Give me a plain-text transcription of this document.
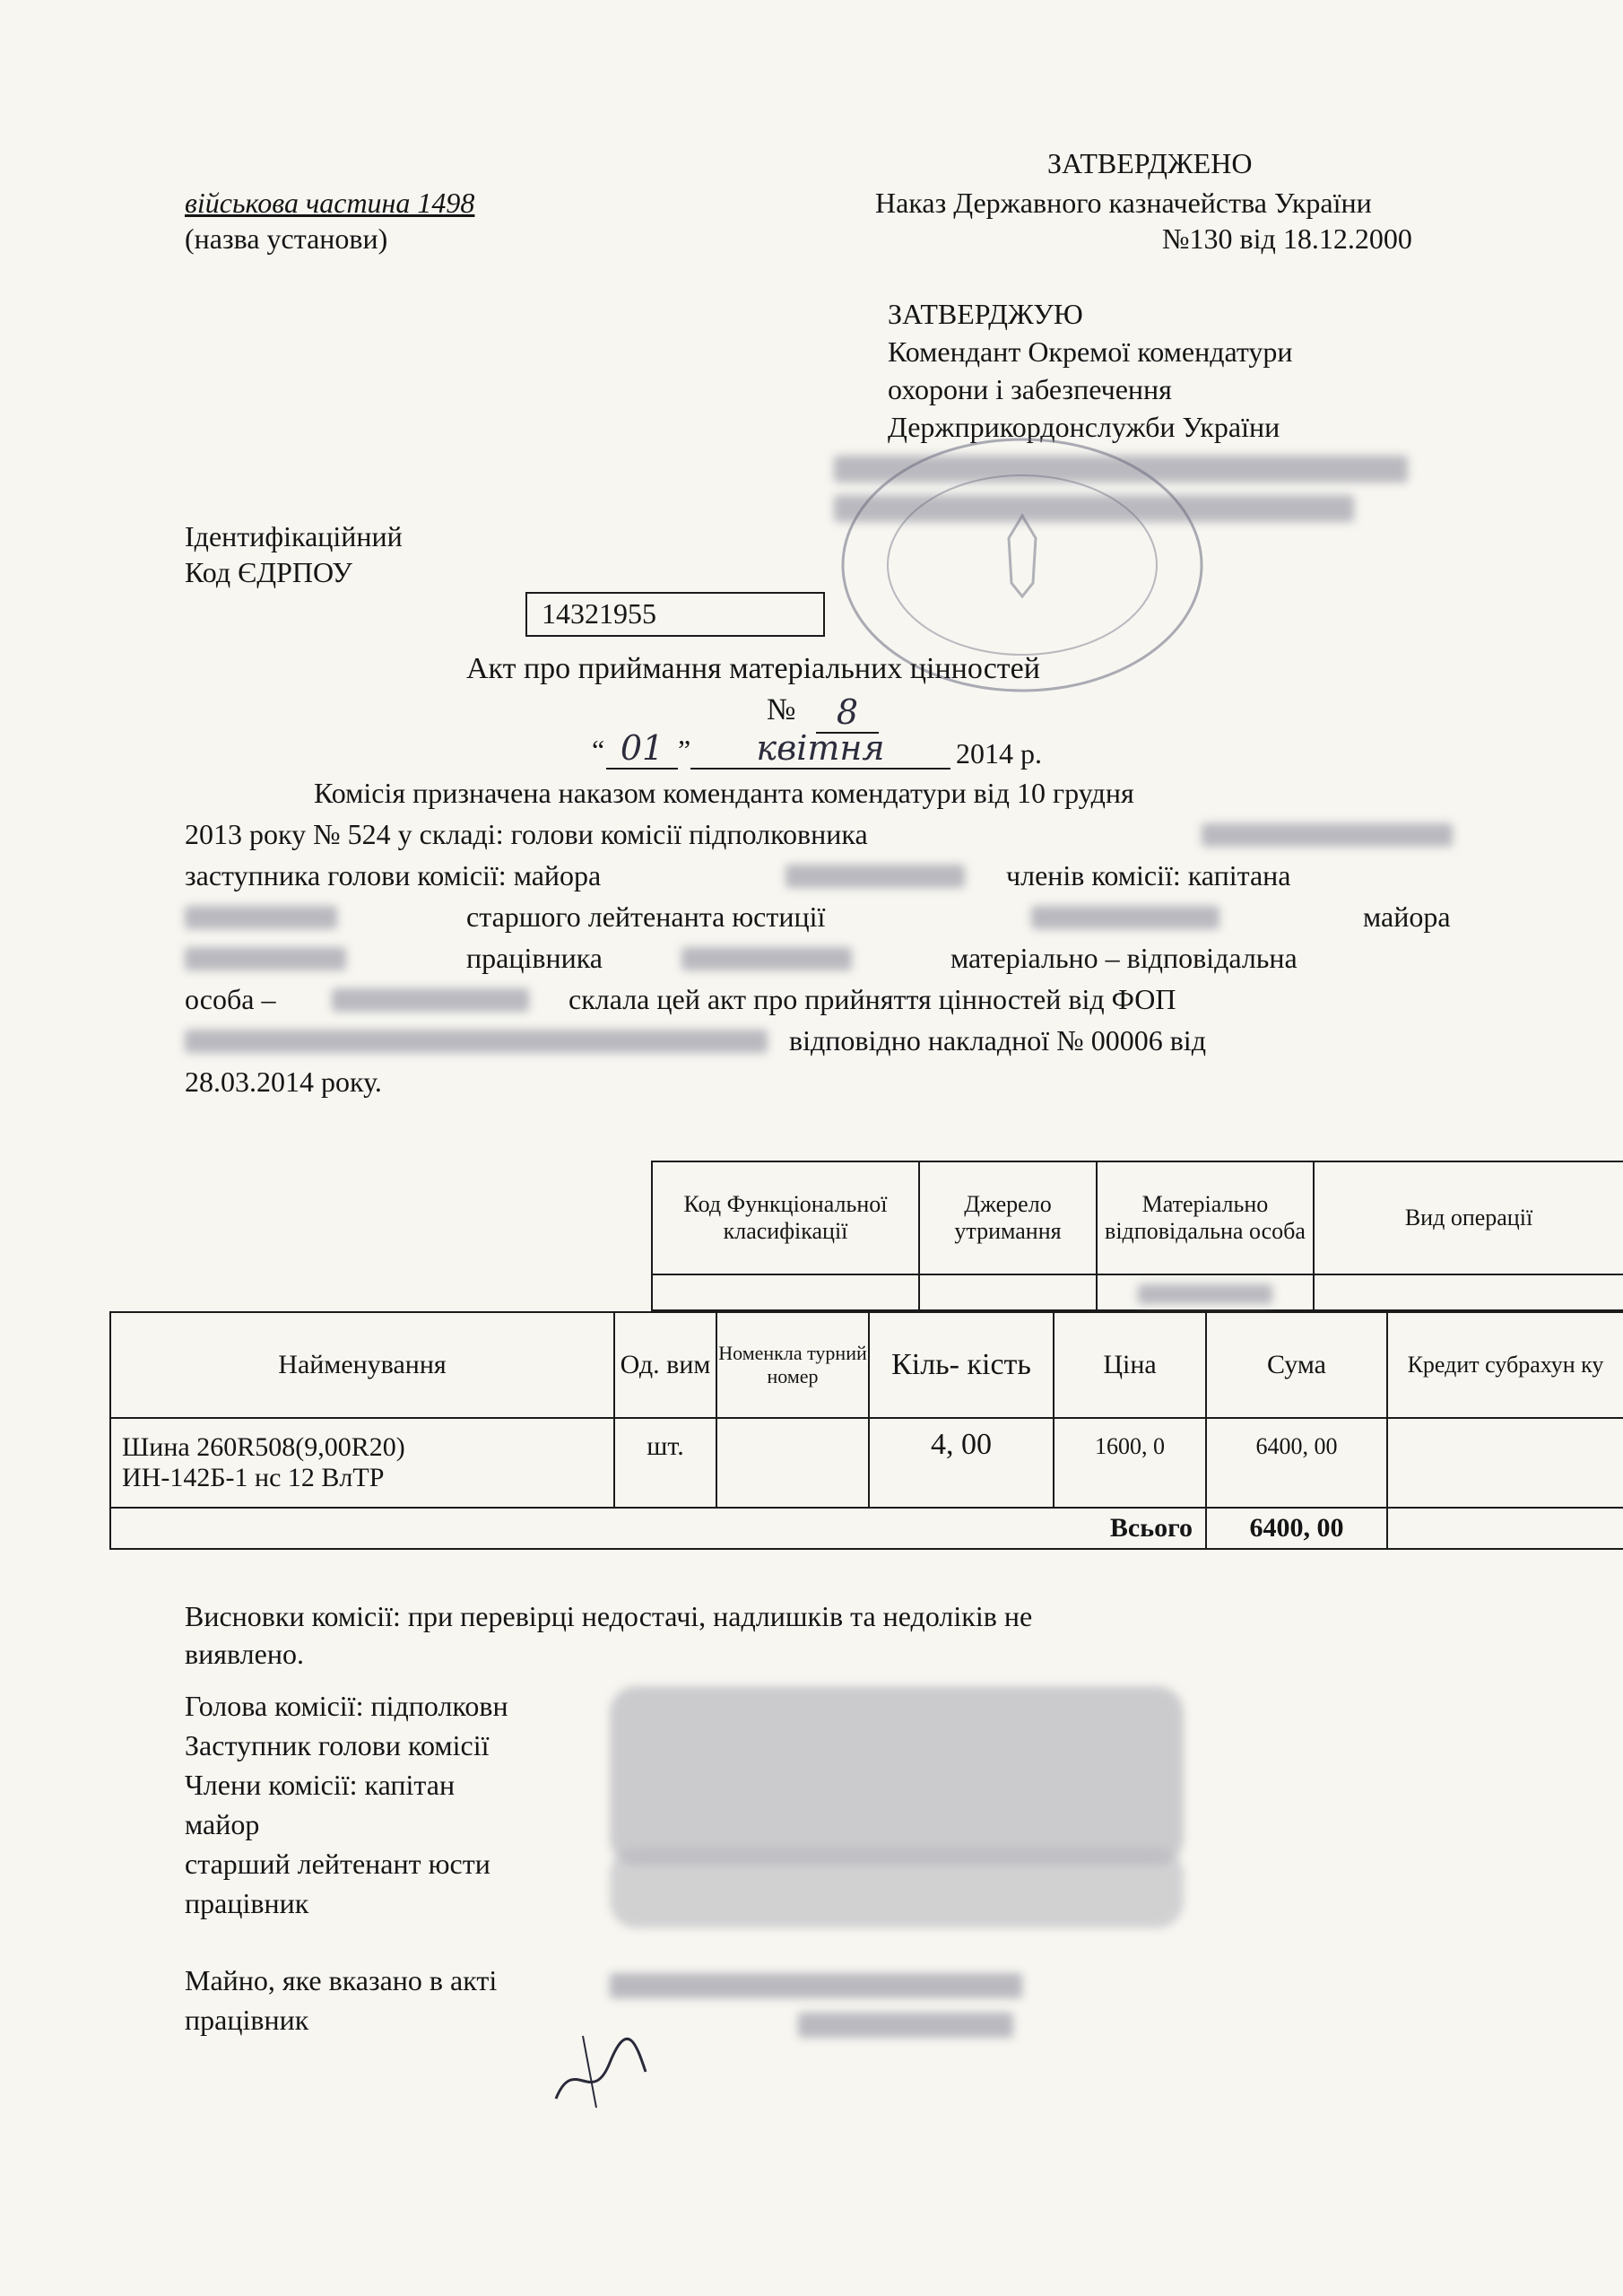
ЗАТВЕРДЖЕНО
військова частина 1498	Наказ Державного казначейства України
(назва установи)	№130 від 18.12.2000
ЗАТВЕРДЖУЮ
Комендант Окремої комендатури
охорони і забезпечення
Держприкордонслужби України
Ідентифікаційний
Код ЄДРПОУ
14321955
Акт про приймання матеріальних цінностей
№	8
“ 01 ”	квітня	2014 р.
Комісія призначена наказом коменданта комендатури від 10 грудня
2013 року № 524 у складі: голови комісії підполковника
заступника голови комісії: майора	членів комісії: капітана
старшого лейтенанта юстиції	майора
працівника	матеріально – відповідальна
особа –	склала цей акт про прийняття цінностей від ФОП
відповідно накладної № 00006 від
28.03.2014 року.
Код Функціональної класифікації	Джерело утримання	Матеріально відповідальна особа	Вид операції

Найменування	Од. вим	Номенкла турний номер	Кіль- кість	Ціна	Сума	Кредит субрахун ку

Шина 260R508(9,00R20)
ИН-142Б-1 нс 12 ВлТР	шт.		4, 00	1600, 0	6400, 00	
Всього					6400, 00	
Висновки комісії: при перевірці недостачі, надлишків та недоліків не
виявлено.
Голова комісії: підполковн
Заступник голови комісії
Члени комісії: капітан
майор
старший лейтенант юсти
працівник
Майно, яке вказано в акті
працівник
